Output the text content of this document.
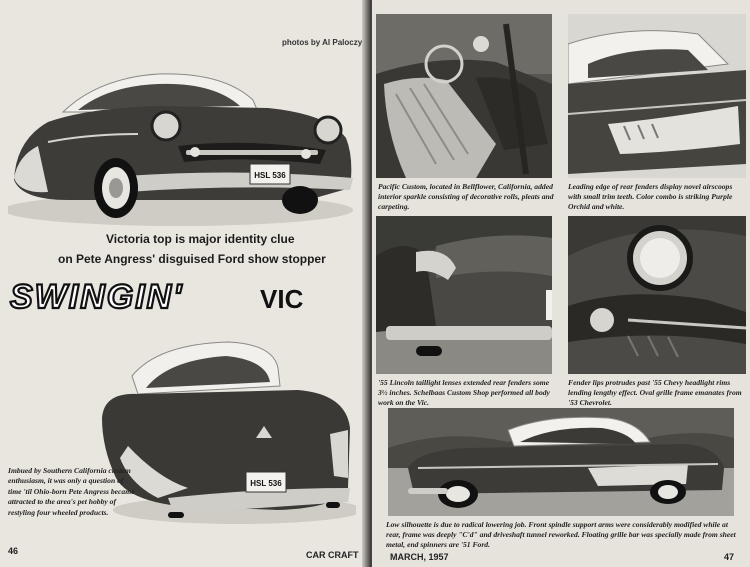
photos by Al Paloczy
HSL 536
Victoria top is major identity clue
on Pete Angress' disguised Ford show stopper
SWINGIN'	VIC
HSL 536
Imbued by Southern California custom enthusiasm, it was only a question of time 'til Ohio-born Pete Angress became attracted to the area's pet hobby of restyling four wheeled products.
46	CAR CRAFT
Pacific Custom, located in Bellflower, California, added interior sparkle consisting of decorative rolls, pleats and carpeting.
Leading edge of rear fenders display novel airscoops with small trim teeth. Color combo is striking Purple Orchid and white.
'55 Lincoln taillight lenses extended rear fenders some 3½ inches. Schelbaas Custom Shop performed all body work on the Vic.
Fender lips protrudes past '55 Chevy headlight rims lending lengthy effect. Oval grille frame emanates from '53 Chevrolet.
Low silhouette is due to radical lowering job. Front spindle support arms were considerably modified while at rear, frame was deeply "C'd" and driveshaft tunnel reworked. Floating grille bar was specially made from sheet metal, end spinners are '51 Ford.
MARCH, 1957	47
